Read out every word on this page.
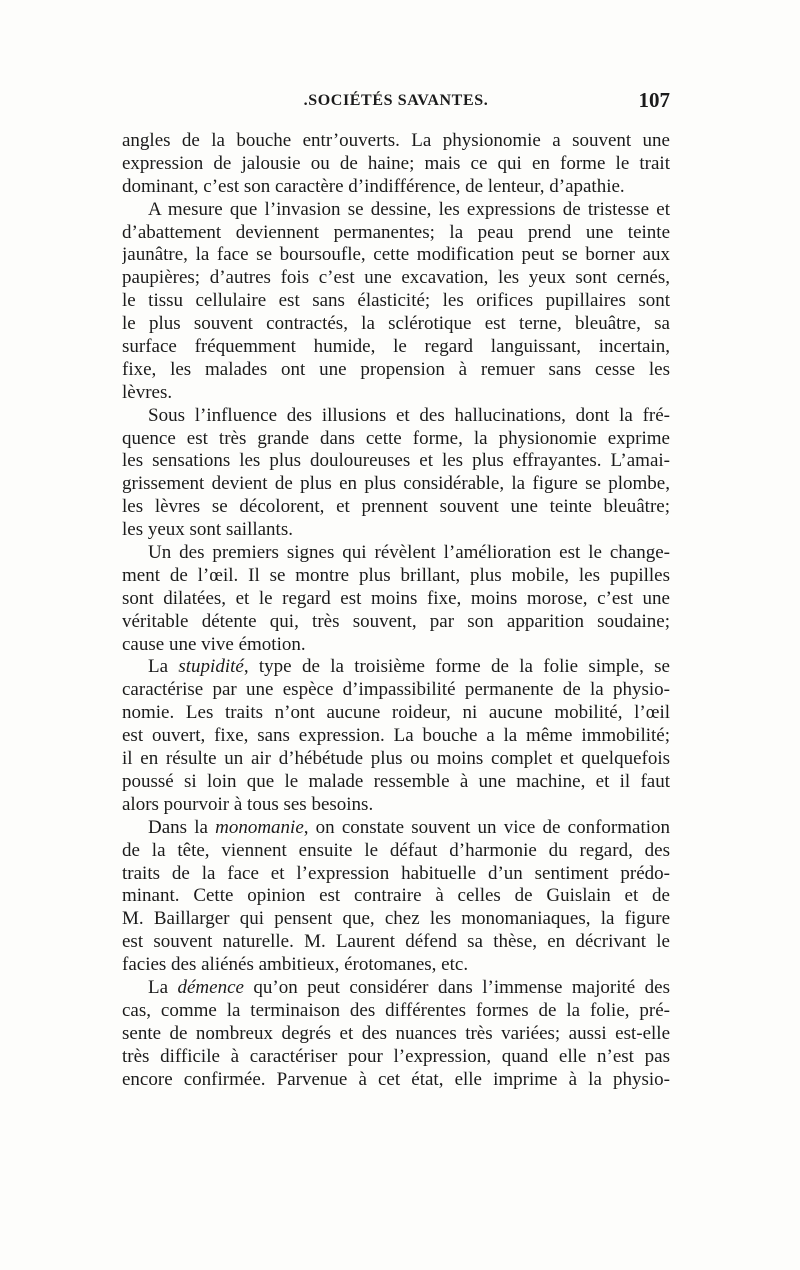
.SOCIÉTÉS SAVANTES.	107
angles de la bouche entr’ouverts. La physionomie a souvent une
expression de jalousie ou de haine; mais ce qui en forme le trait
dominant, c’est son caractère d’indifférence, de lenteur, d’apathie.
A mesure que l’invasion se dessine, les expressions de tristesse et
d’abattement deviennent permanentes; la peau prend une teinte
jaunâtre, la face se boursoufle, cette modification peut se borner aux
paupières; d’autres fois c’est une excavation, les yeux sont cernés,
le tissu cellulaire est sans élasticité; les orifices pupillaires sont
le plus souvent contractés, la sclérotique est terne, bleuâtre, sa
surface fréquemment humide, le regard languissant, incertain,
fixe, les malades ont une propension à remuer sans cesse les
lèvres.
Sous l’influence des illusions et des hallucinations, dont la fré-
quence est très grande dans cette forme, la physionomie exprime
les sensations les plus douloureuses et les plus effrayantes. L’amai-
grissement devient de plus en plus considérable, la figure se plombe,
les lèvres se décolorent, et prennent souvent une teinte bleuâtre;
les yeux sont saillants.
Un des premiers signes qui révèlent l’amélioration est le change-
ment de l’œil. Il se montre plus brillant, plus mobile, les pupilles
sont dilatées, et le regard est moins fixe, moins morose, c’est une
véritable détente qui, très souvent, par son apparition soudaine;
cause une vive émotion.
La stupidité, type de la troisième forme de la folie simple, se
caractérise par une espèce d’impassibilité permanente de la physio-
nomie. Les traits n’ont aucune roideur, ni aucune mobilité, l’œil
est ouvert, fixe, sans expression. La bouche a la même immobilité;
il en résulte un air d’hébétude plus ou moins complet et quelquefois
poussé si loin que le malade ressemble à une machine, et il faut
alors pourvoir à tous ses besoins.
Dans la monomanie, on constate souvent un vice de conformation
de la tête, viennent ensuite le défaut d’harmonie du regard, des
traits de la face et l’expression habituelle d’un sentiment prédo-
minant. Cette opinion est contraire à celles de Guislain et de
M. Baillarger qui pensent que, chez les monomaniaques, la figure
est souvent naturelle. M. Laurent défend sa thèse, en décrivant le
facies des aliénés ambitieux, érotomanes, etc.
La démence qu’on peut considérer dans l’immense majorité des
cas, comme la terminaison des différentes formes de la folie, pré-
sente de nombreux degrés et des nuances très variées; aussi est-elle
très difficile à caractériser pour l’expression, quand elle n’est pas
encore confirmée. Parvenue à cet état, elle imprime à la physio-
